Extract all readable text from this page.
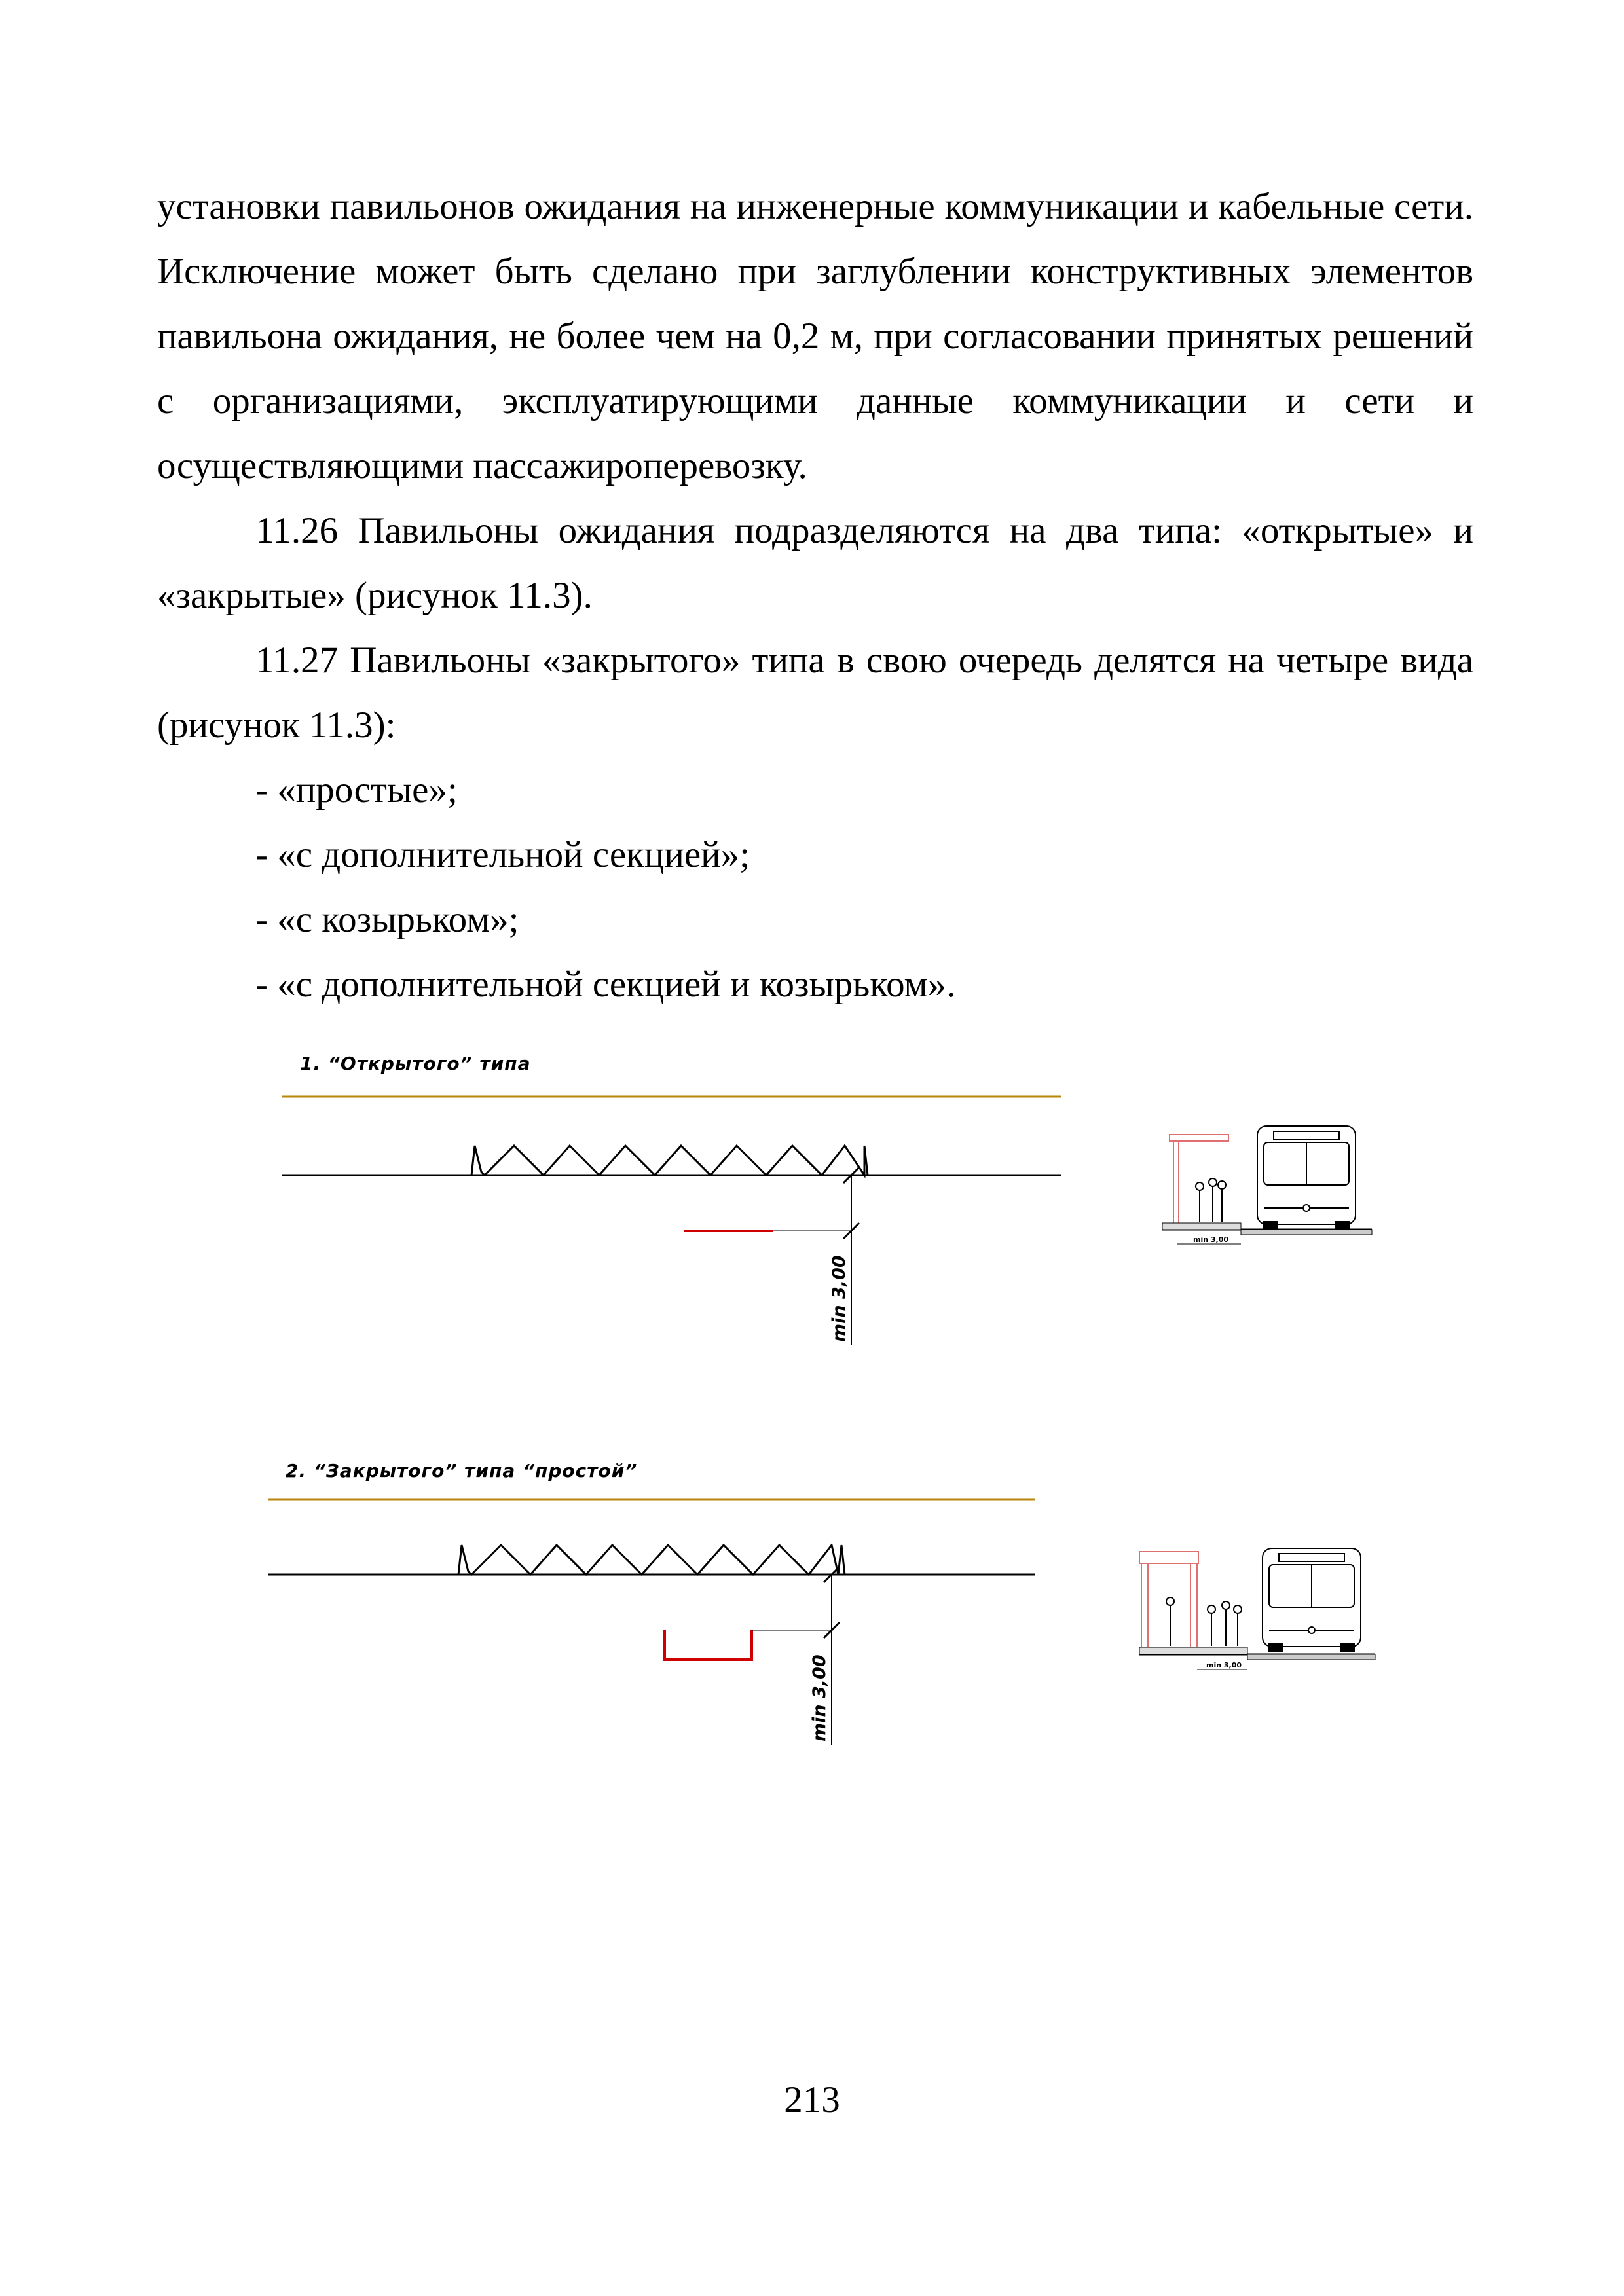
установки павильонов ожидания на инженерные коммуникации и кабельные сети. Исключение может быть сделано при заглублении конструктивных элементов павильона ожидания, не более чем на 0,2 м, при согласовании принятых решений с организациями, эксплуатирующими данные коммуникации и сети и осуществляющими пассажироперевозку.

11.26 Павильоны ожидания подразделяются на два типа: «открытые» и «закрытые» (рисунок 11.3).

11.27 Павильоны «закрытого» типа в свою очередь делятся на четыре вида (рисунок 11.3):

- «простые»;

- «с дополнительной секцией»;

- «с козырьком»;

- «с дополнительной секцией и козырьком».

1. “Открытого” типа
2. “Закрытого” типа “простой”
min 3,00
min 3,00
min 3,00	min 3,00
213
